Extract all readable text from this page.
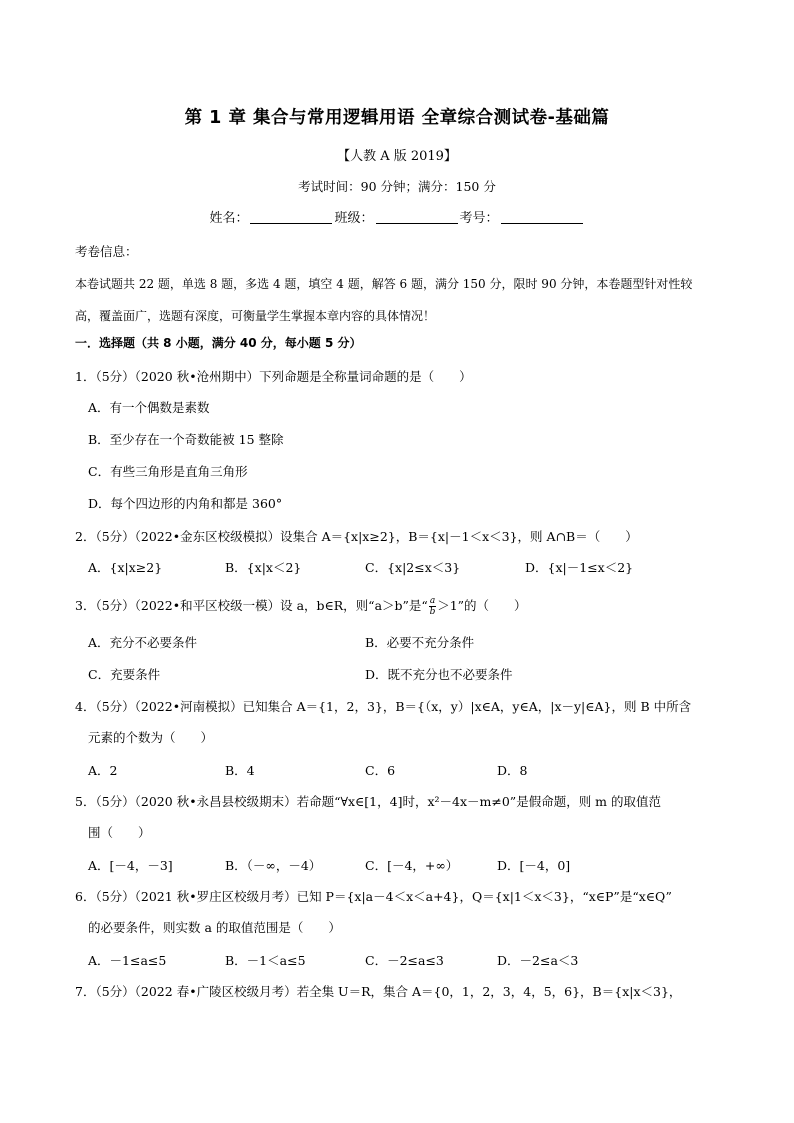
第 1 章 集合与常用逻辑用语 全章综合测试卷-基础篇
【人教 A 版 2019】
考试时间：90 分钟；满分：150 分
姓名：	班级：	考号：
考卷信息：
本卷试题共 22 题，单选 8 题，多选 4 题，填空 4 题，解答 6 题，满分 150 分，限时 90 分钟，本卷题型针对性较
高，覆盖面广，选题有深度，可衡量学生掌握本章内容的具体情况！
一．选择题（共 8 小题，满分 40 分，每小题 5 分）
1．（5分）（2020 秋•沧州期中）下列命题是全称量词命题的是（　　）
A．有一个偶数是素数
B．至少存在一个奇数能被 15 整除
C．有些三角形是直角三角形
D．每个四边形的内角和都是 360°
2．（5分）（2022•金东区校级模拟）设集合 A＝{x|x≥2}，B＝{x|－1＜x＜3}，则 A∩B＝（　　）
A．{x|x≥2}	B．{x|x＜2}	C．{x|2≤x＜3}	D．{x|－1≤x＜2}
3．（5分）（2022•和平区校级一模）设 a，b∈R，则“a＞b”是“ $\frac{a}{b} >1$”的（　　）
A．充分不必要条件	B．必要不充分条件
C．充要条件	D．既不充分也不必要条件
4．（5分）（2022•河南模拟）已知集合 A＝{1，2，3}，B＝{（x，y）|x∈A，y∈A，|x－y|∈A}，则 B 中所含
元素的个数为（　　）
A．2	B．4	C．6	D．8
5．（5分）（2020 秋•永昌县校级期末）若命题“∀x∈[1，4]时，x²－4x－m≠0”是假命题，则 m 的取值范
围（　　）
A．[－4，－3]	B．（－∞，－4）	C．[－4，+∞）	D．[－4，0]
6．（5分）（2021 秋•罗庄区校级月考）已知 P＝{x|a－4＜x＜a+4}，Q＝{x|1＜x＜3}，“x∈P”是“x∈Q”
的必要条件，则实数 a 的取值范围是（　　）
A．－1≤a≤5	B．－1＜a≤5	C．－2≤a≤3	D．－2≤a＜3
7．（5分）（2022 春•广陵区校级月考）若全集 U＝R，集合 A＝{0，1，2，3，4，5，6}，B＝{x|x＜3}，
